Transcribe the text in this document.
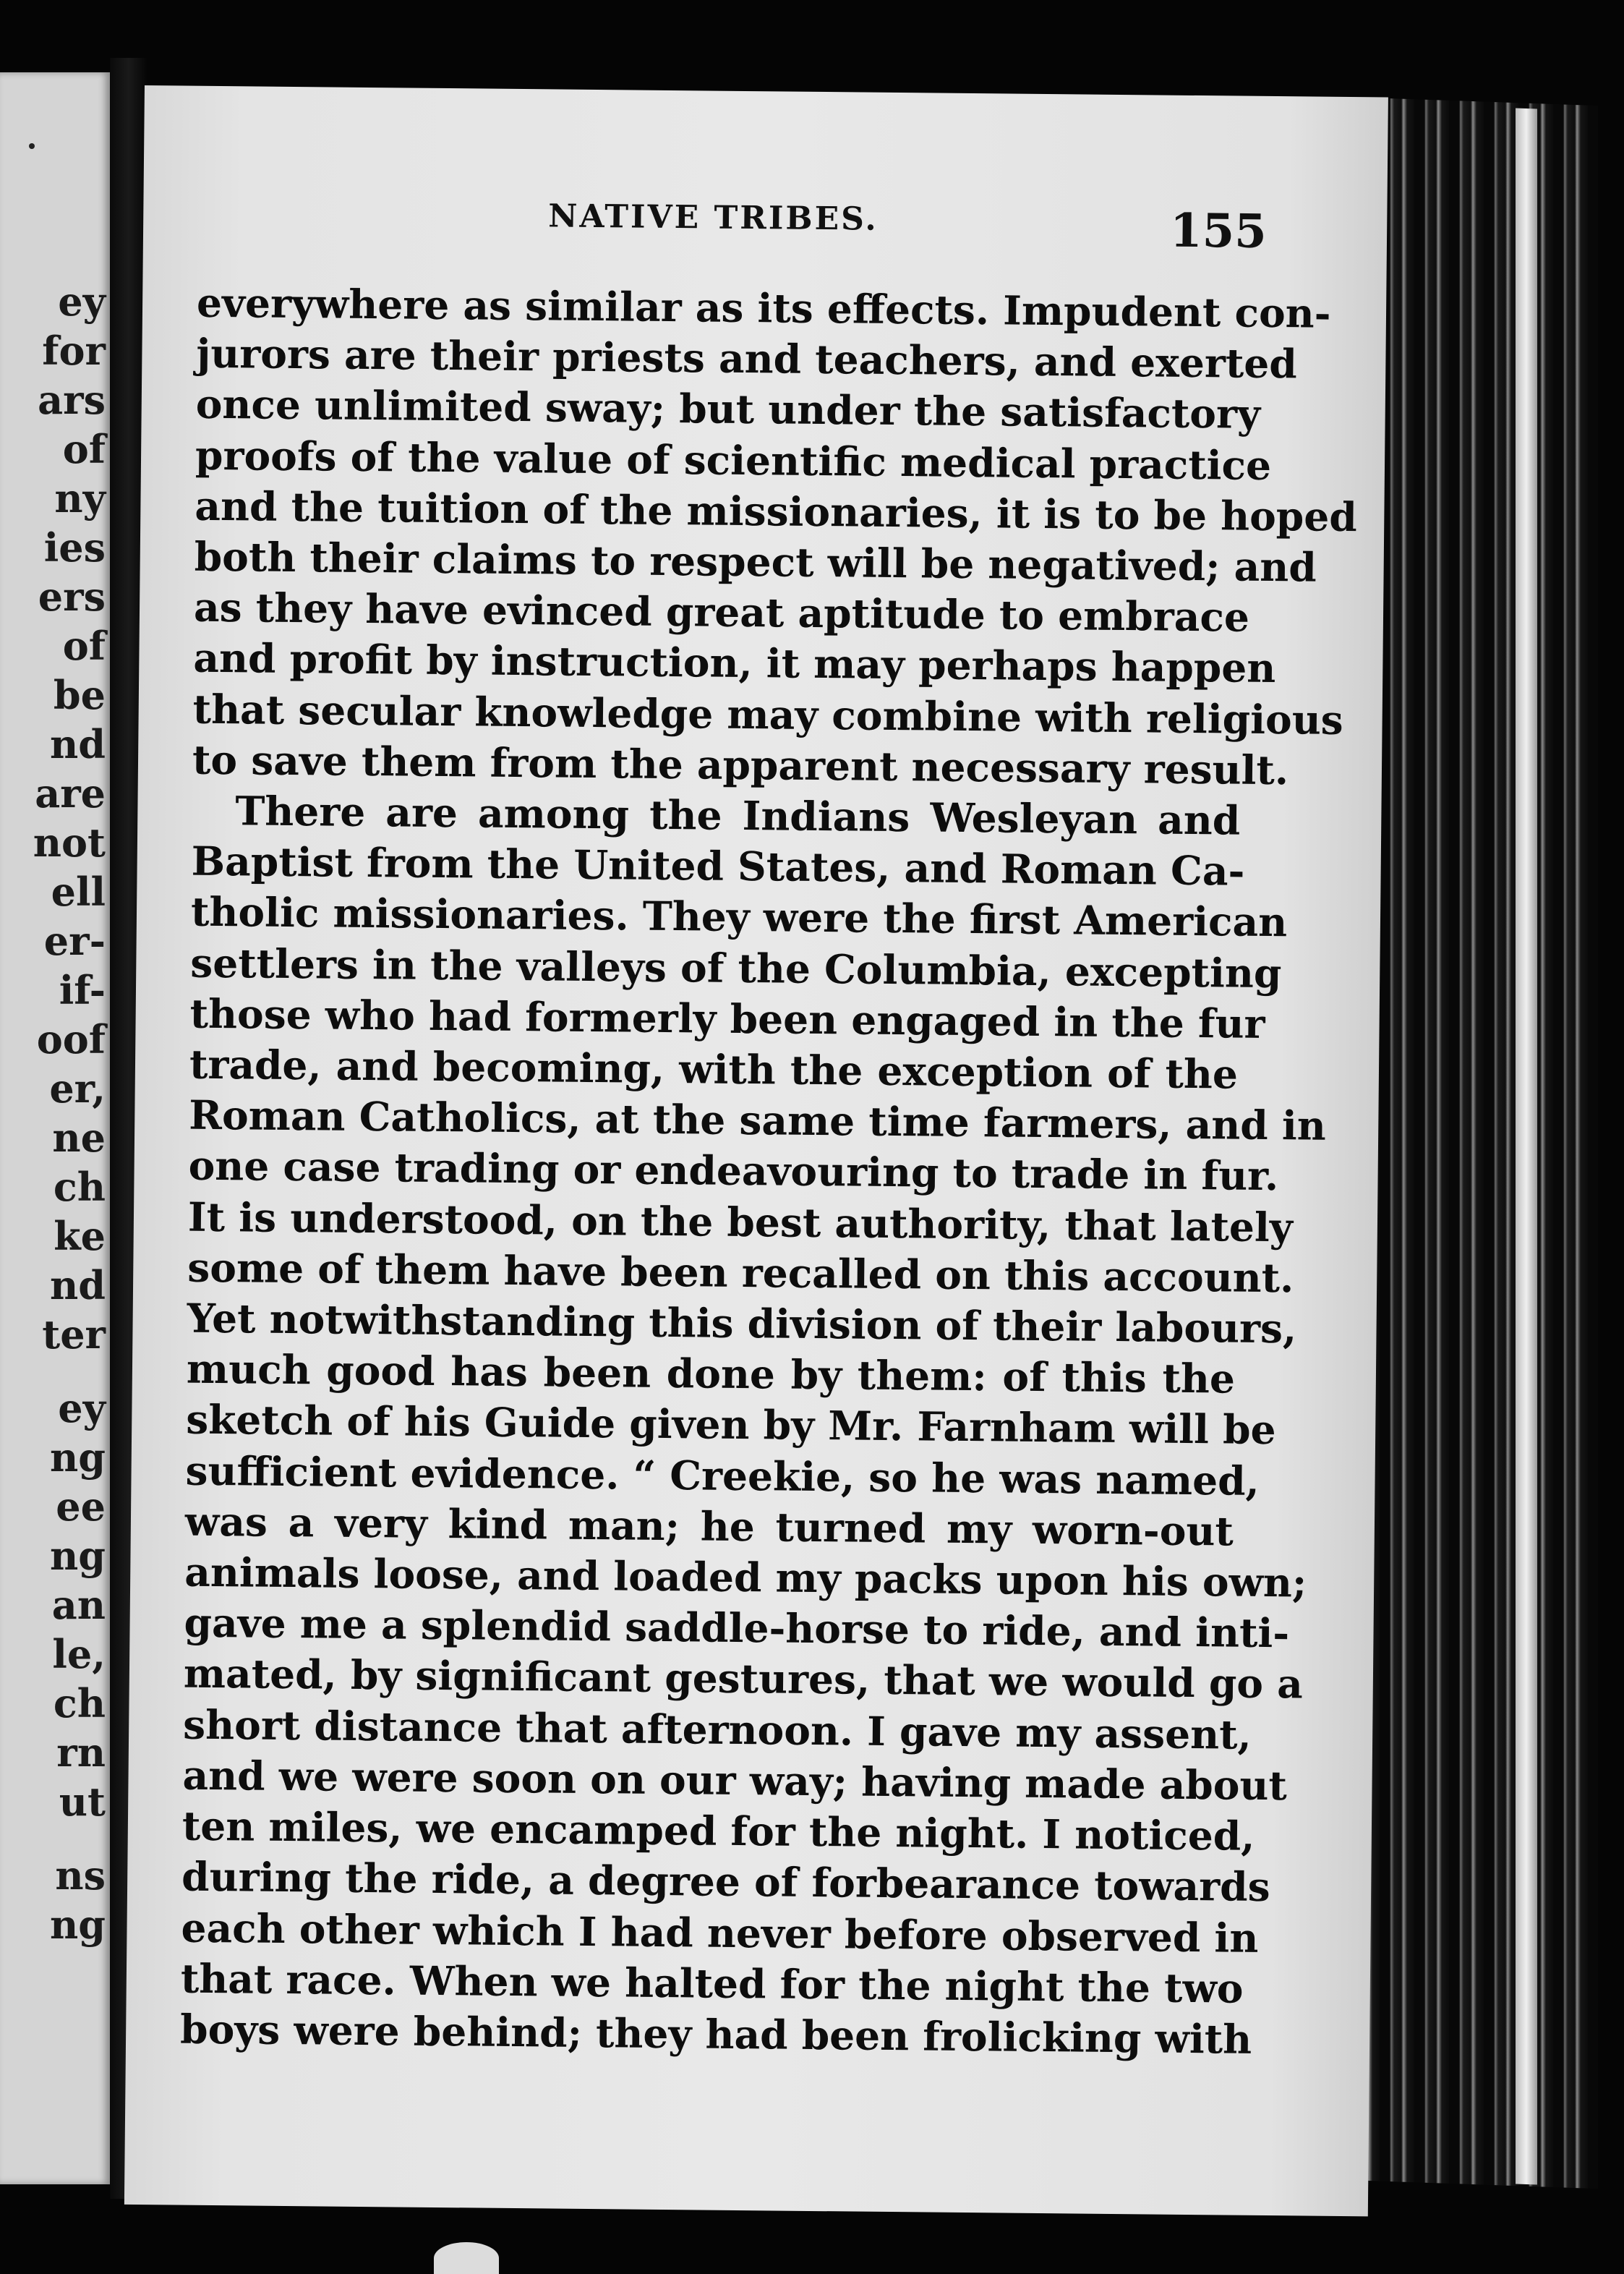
ey
for
ars
of
ny
ies
ers
of
be
nd
are
not
ell
er-
if-
oof
er,
ne
ch
ke
nd
ter
ey
ng
ee
ng
an
le,
ch
rn
ut
ns
ng
NATIVE TRIBES.	155
everywhere as similar as its effects. Impudent con-
jurors are their priests and teachers, and exerted
once unlimited sway; but under the satisfactory
proofs of the value of scientific medical practice
and the tuition of the missionaries, it is to be hoped
both their claims to respect will be negatived; and
as they have evinced great aptitude to embrace
and profit by instruction, it may perhaps happen
that secular knowledge may combine with religious
to save them from the apparent necessary result.
There are among the Indians Wesleyan and
Baptist from the United States, and Roman Ca-
tholic missionaries. They were the first American
settlers in the valleys of the Columbia, excepting
those who had formerly been engaged in the fur
trade, and becoming, with the exception of the
Roman Catholics, at the same time farmers, and in
one case trading or endeavouring to trade in fur.
It is understood, on the best authority, that lately
some of them have been recalled on this account.
Yet notwithstanding this division of their labours,
much good has been done by them: of this the
sketch of his Guide given by Mr. Farnham will be
sufficient evidence. “ Creekie, so he was named,
was a very kind man; he turned my worn-out
animals loose, and loaded my packs upon his own;
gave me a splendid saddle-horse to ride, and inti-
mated, by significant gestures, that we would go a
short distance that afternoon. I gave my assent,
and we were soon on our way; having made about
ten miles, we encamped for the night. I noticed,
during the ride, a degree of forbearance towards
each other which I had never before observed in
that race. When we halted for the night the two
boys were behind; they had been frolicking with
